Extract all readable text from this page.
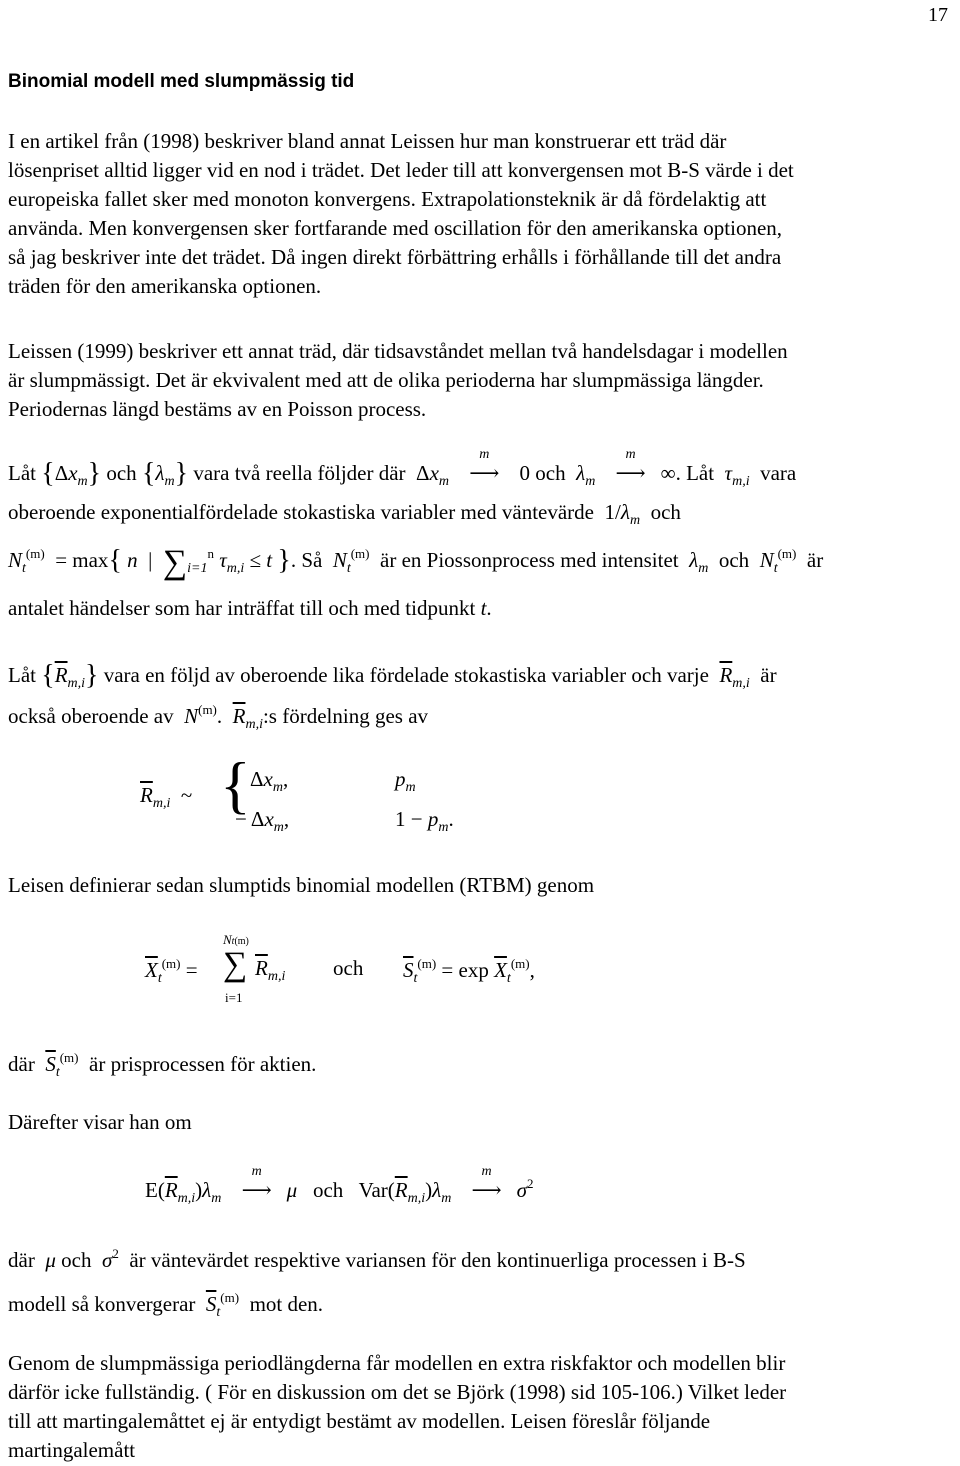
17
Binomial modell med slumpmässig tid
I en artikel från (1998) beskriver bland annat Leissen hur man konstruerar ett träd där
lösenpriset alltid ligger vid en nod i trädet. Det leder till att konvergensen mot B-S värde i det
europeiska fallet sker med monoton konvergens. Extrapolationsteknik är då fördelaktig att
använda. Men konvergensen sker fortfarande med oscillation för den amerikanska optionen,
så jag beskriver inte det trädet. Då ingen direkt förbättring erhålls i förhållande till det andra
träden för den amerikanska optionen.
Leissen (1999) beskriver ett annat träd, där tidsavståndet mellan två handelsdagar i modellen
är slumpmässigt. Det är ekvivalent med att de olika perioderna har slumpmässiga längder.
Periodernas längd bestäms av en Poisson process.
Låt $\{\Delta x_m\}$ och $\{\lambda_m\}$ vara två reella följder där  $\Delta x_m$
m
⟶ 0 och $\lambda_m$
m
⟶ ∞. Låt $\tau_{m,i}$ vara
oberoende exponentialfördelade stokastiska variabler med väntevärde $1/\lambda_m$ och
$N_t^{(m)} = \max${ n  |  $\sum_{i=1}^n$ $\tau_{m,i} \le t$ }. Så $N_t^{(m)}$ är en Piossonprocess med intensitet $\lambda_m$ och $N_t^{(m)}$ är
antalet händelser som har inträffat till och med tidpunkt t.
Låt $\{\overline{R}_{m,i}\}$ vara en följd av oberoende lika fördelade stokastiska variabler och varje $\overline{R}_{m,i}$ är
också oberoende av $N^{(m)}$.  $\overline{R}_{m,i}:s$ fördelning ges av
$\overline{R}_{m,i}$ ~ { $\Delta x_m$,	$p_m$
− $\Delta x_m$,	$1 - p_m$.
Leisen definierar sedan slumptids binomial modellen (RTBM) genom
$\overline{X}_t^{(m)}$ =
Nt(m)
∑
i=1
$\overline{R}_{m,i}$ och $\overline{S}_t^{(m)} = \exp \overline{X}_t^{(m)}$,
där $\overline{S}_t^{(m)}$ är prisprocessen för aktien.
Därefter visar han om
$E(\overline{R}_{m,i})\lambda_m$
m
⟶ μ och $Var(\overline{R}_{m,i})\lambda_m$
m
⟶ $\sigma^2$
där μ och $\sigma^2$ är väntevärdet respektive variansen för den kontinuerliga processen i B-S
modell så konvergerar $\overline{S}_t^{(m)}$ mot den.
Genom de slumpmässiga periodlängderna får modellen en extra riskfaktor och modellen blir
därför icke fullständig. ( För en diskussion om det se Björk (1998) sid 105-106.) Vilket leder
till att martingalemåttet ej är entydigt bestämt av modellen. Leisen föreslår följande
martingalemått
